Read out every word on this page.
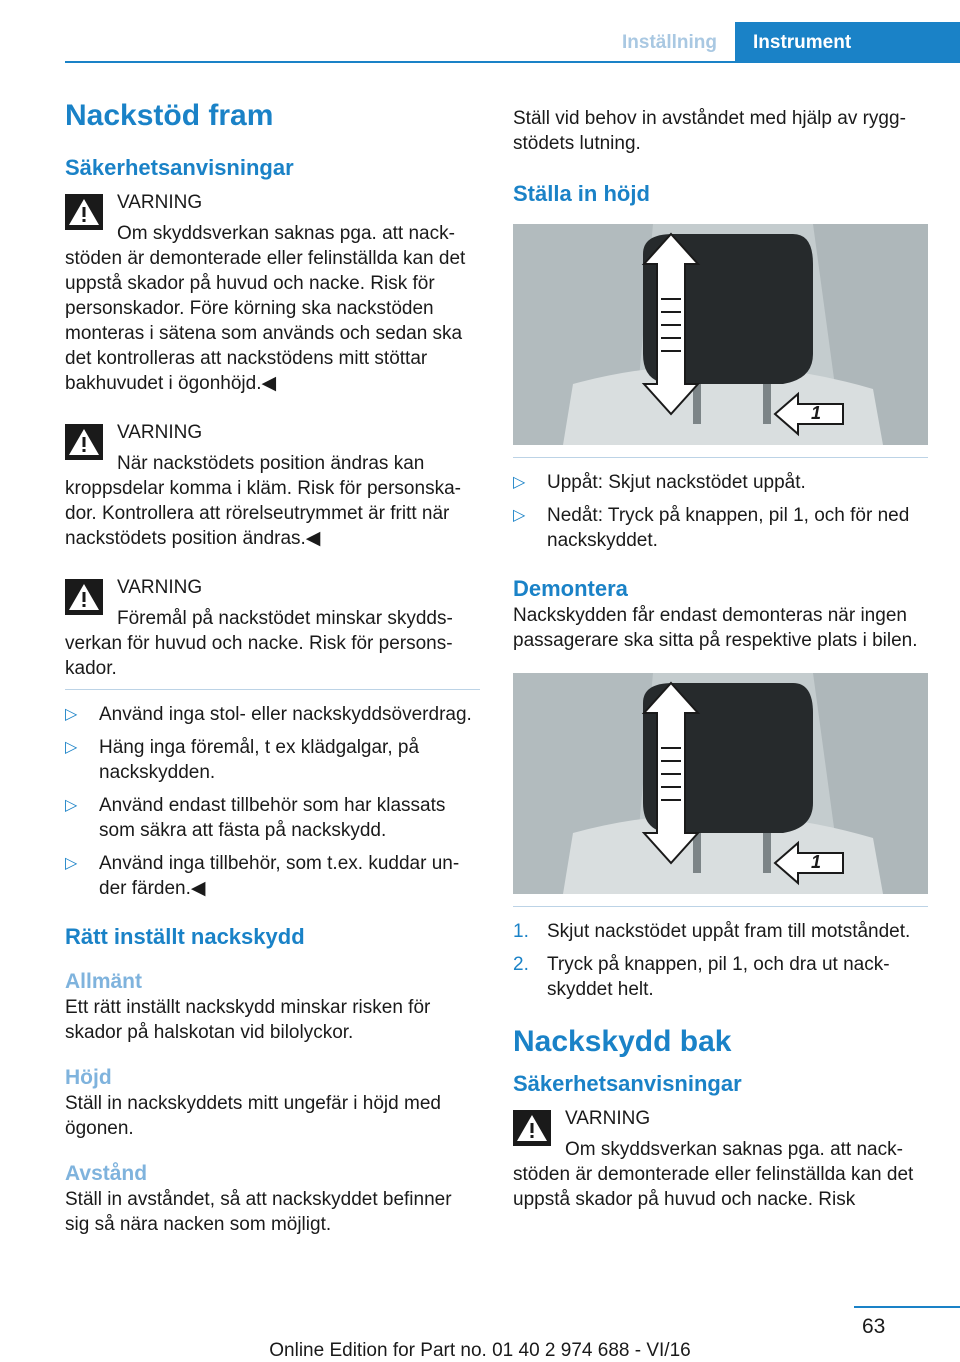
Inställning	Instrument
Nackstöd fram
Säkerhetsanvisningar

VARNING

Om skyddsverkan saknas pga. att nackstöden är demonterade eller felinställda kan det uppstå skador på huvud och nacke. Risk för personskador. Före körning ska nackstöden monteras i sätena som används och sedan ska det kontrolleras att nackstödens mitt stöttar bakhuvudet i ögonhöjd.◀

VARNING

När nackstödets position ändras kan kroppsdelar komma i kläm. Risk för personskador. Kontrollera att rörelseutrymmet är fritt när nackstödets position ändras.◀

VARNING

Föremål på nackstödet minskar skyddsverkan för huvud och nacke. Risk för personskador.

▷ Använd inga stol- eller nackskyddsöverdrag.
▷ Häng inga föremål, t ex klädgalgar, på nackskydden.
▷ Använd endast tillbehör som har klassats som säkra att fästa på nackskydd.
▷ Använd inga tillbehör, som t.ex. kuddar under färden.◀
Rätt inställt nackskydd
Allmänt

Ett rätt inställt nackskydd minskar risken för skador på halskotan vid bilolyckor.

Höjd

Ställ in nackskyddets mitt ungefär i höjd med ögonen.

Avstånd

Ställ in avståndet, så att nackskyddet befinner sig så nära nacken som möjligt.

Ställ vid behov in avståndet med hjälp av ryggstödets lutning.

Ställa in höjd
1
▷ Uppåt: Skjut nackstödet uppåt.
▷ Nedåt: Tryck på knappen, pil 1, och för ned nackskyddet.
Demontera

Nackskydden får endast demonteras när ingen passagerare ska sitta på respektive plats i bilen.

1
1. Skjut nackstödet uppåt fram till motståndet.
2. Tryck på knappen, pil 1, och dra ut nackskyddet helt.
Nackskydd bak
Säkerhetsanvisningar

VARNING

Om skyddsverkan saknas pga. att nackstöden är demonterade eller felinställda kan det uppstå skador på huvud och nacke. Risk

63
Online Edition for Part no. 01 40 2 974 688 - VI/16
